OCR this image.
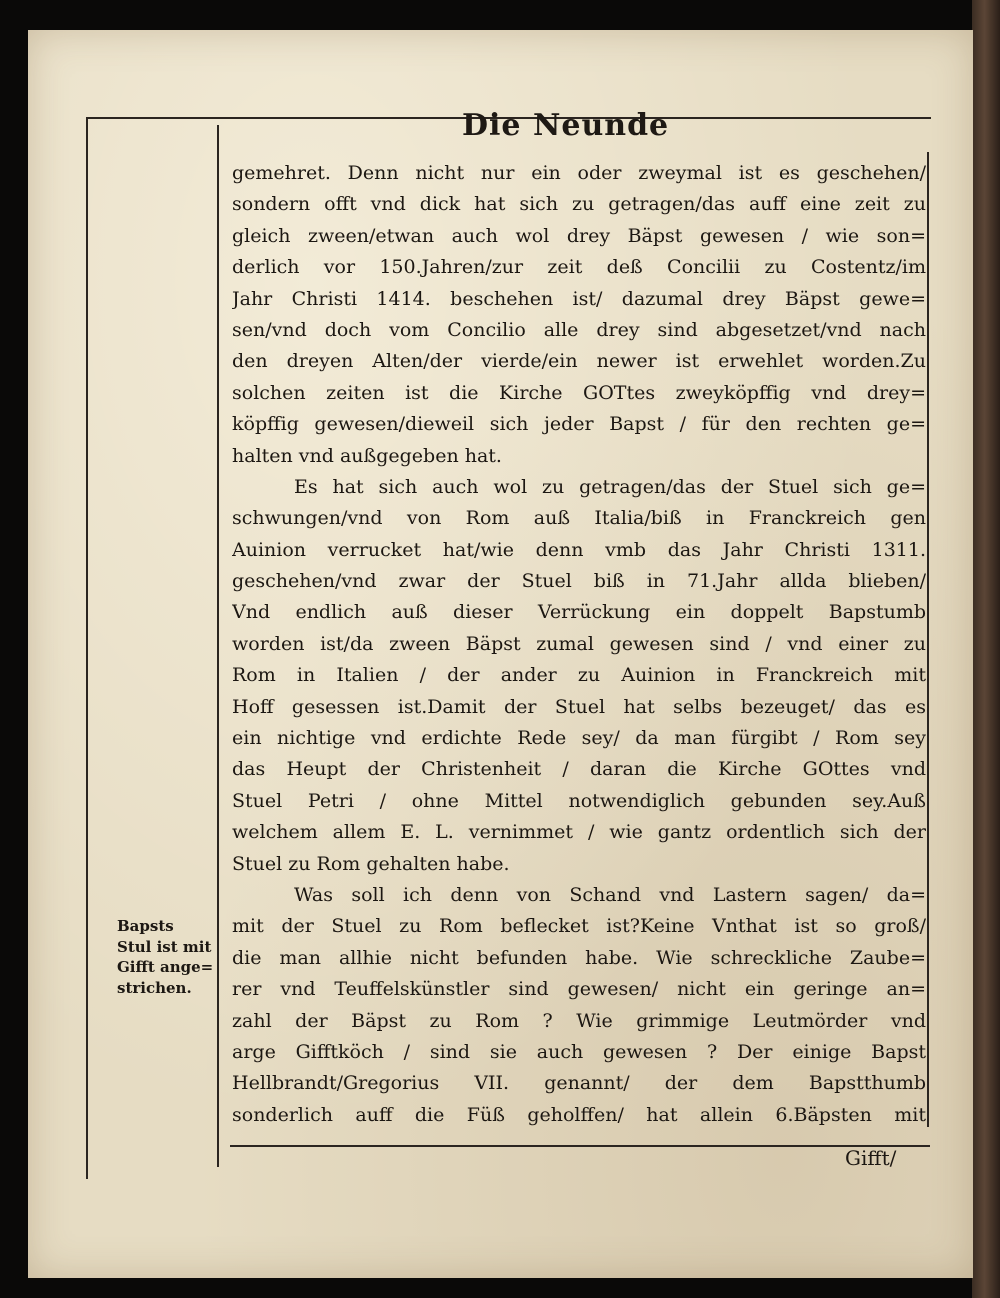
Die Neunde
gemehret. Denn nicht nur ein oder zweymal ist es geschehen/
sondern offt vnd dick hat sich zu getragen/das auff eine zeit zu
gleich zween/etwan auch wol drey Bäpst gewesen / wie son=
derlich vor 150.Jahren/zur zeit deß Concilii zu Costentz/im
Jahr Christi 1414. beschehen ist/ dazumal drey Bäpst gewe=
sen/vnd doch vom Concilio alle drey sind abgesetzet/vnd nach
den dreyen Alten/der vierde/ein newer ist erwehlet worden.Zu
solchen zeiten ist die Kirche GOTtes zweyköpffig vnd drey=
köpffig gewesen/dieweil sich jeder Bapst / für den rechten ge=
halten vnd außgegeben hat.
Es hat sich auch wol zu getragen/das der Stuel sich ge=
schwungen/vnd von Rom auß Italia/biß in Franckreich gen
Auinion verrucket hat/wie denn vmb das Jahr Christi 1311.
geschehen/vnd zwar der Stuel biß in 71.Jahr allda blieben/
Vnd endlich auß dieser Verrückung ein doppelt Bapstumb
worden ist/da zween Bäpst zumal gewesen sind / vnd einer zu
Rom in Italien / der ander zu Auinion in Franckreich mit
Hoff gesessen ist.Damit der Stuel hat selbs bezeuget/ das es
ein nichtige vnd erdichte Rede sey/ da man fürgibt / Rom sey
das Heupt der Christenheit / daran die Kirche GOttes vnd
Stuel Petri / ohne Mittel notwendiglich gebunden sey.Auß
welchem allem E. L. vernimmet / wie gantz ordentlich sich der
Stuel zu Rom gehalten habe.
Was soll ich denn von Schand vnd Lastern sagen/ da=
mit der Stuel zu Rom beflecket ist?Keine Vnthat ist so groß/
die man allhie nicht befunden habe. Wie schreckliche Zaube=
rer vnd Teuffelskünstler sind gewesen/ nicht ein geringe an=
zahl der Bäpst zu Rom ? Wie grimmige Leutmörder vnd
arge Gifftköch / sind sie auch gewesen ? Der einige Bapst
Hellbrandt/Gregorius VII. genannt/ der dem Bapstthumb
sonderlich auff die Füß geholffen/ hat allein 6.Bäpsten mit
Bapsts
Stul ist mit
Gifft ange=
strichen.
Gifft/
